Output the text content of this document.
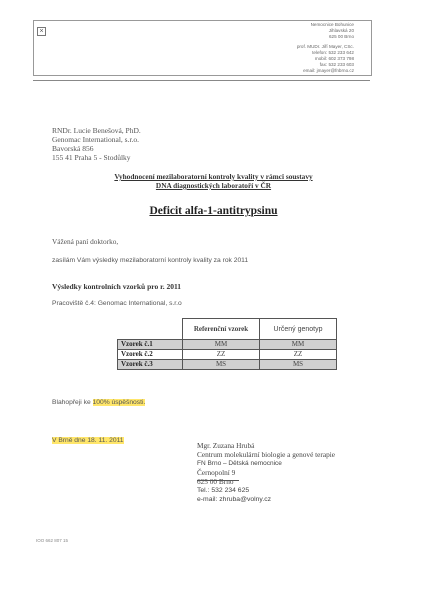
×
Nemocnice Bohunice
Jihlavská 20
625 00 Brno
prof. MUDr. Jiří Mayer, CSc.
telefon: 532 233 642
mobil: 602 373 798
fax: 532 233 603
email: jmayer@fnbrno.cz
RNDr. Lucie Benešová, PhD.
Genomac International, s.r.o.
Bavorská 856
155 41 Praha 5 - Stodůlky
Vyhodnocení mezilaboratorní kontroly kvality v rámci soustavy
DNA diagnostických laboratoří v ČR
Deficit alfa-1-antitrypsinu
Vážená paní doktorko,
zasílám Vám výsledky mezilaboratorní kontroly kvality za rok 2011
Výsledky kontrolních vzorků pro r. 2011
Pracoviště č.4: Genomac International, s.r.o
	Referenční vzorek	Určený genotyp
Vzorek č.1	MM	MM
Vzorek č.2	ZZ	ZZ
Vzorek č.3	MS	MS
Blahopřeji ke 100% úspěšnosti.
V Brně dne 18. 11. 2011
Mgr. Zuzana Hrubá
Centrum molekulární biologie a genové terapie
FN Brno – Dětská nemocnice
Černopolní 9
625 00 Brno
Tel.: 532 234 625
e-mail: zhruba@volny.cz
IOO 662 807 15
